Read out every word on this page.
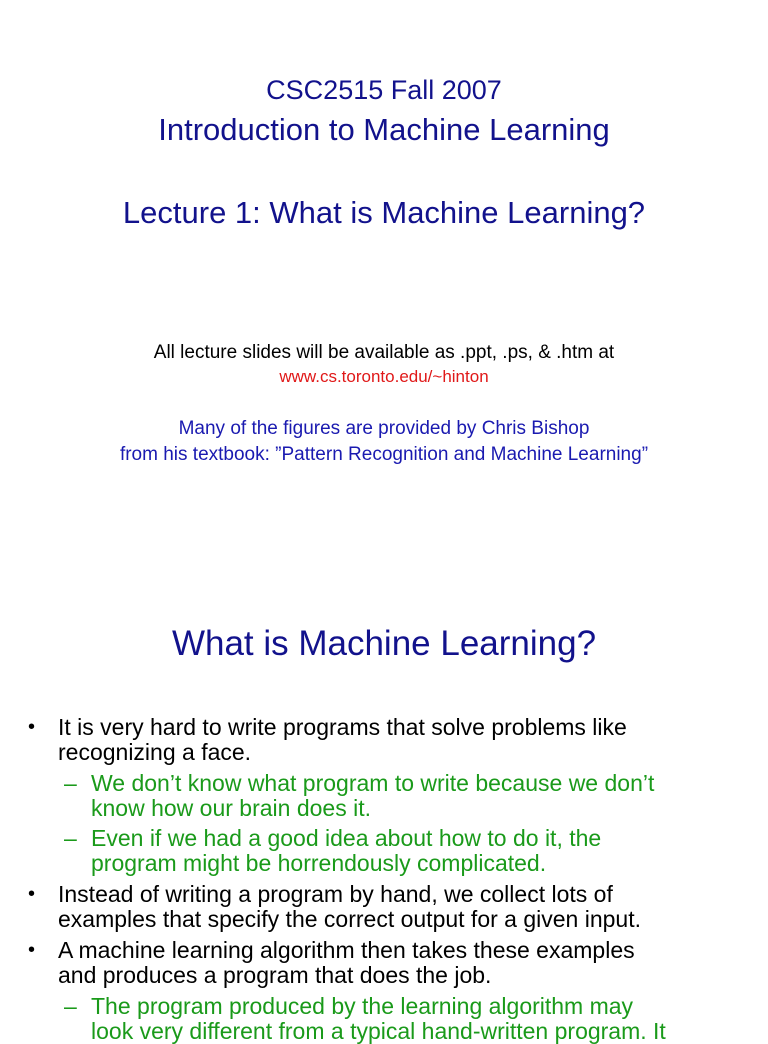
CSC2515 Fall 2007
Introduction to Machine Learning
Lecture 1: What is Machine Learning?
All lecture slides will be available as .ppt, .ps, & .htm at
www.cs.toronto.edu/~hinton
Many of the figures are provided by Chris Bishop
from his textbook: ”Pattern Recognition and Machine Learning”
What is Machine Learning?
• It is very hard to write programs that solve problems like
recognizing a face.
– We don’t know what program to write because we don’t
know how our brain does it.
– Even if we had a good idea about how to do it, the
program might be horrendously complicated.
• Instead of writing a program by hand, we collect lots of
examples that specify the correct output for a given input.
• A machine learning algorithm then takes these examples
and produces a program that does the job.
– The program produced by the learning algorithm may
look very different from a typical hand-written program. It
